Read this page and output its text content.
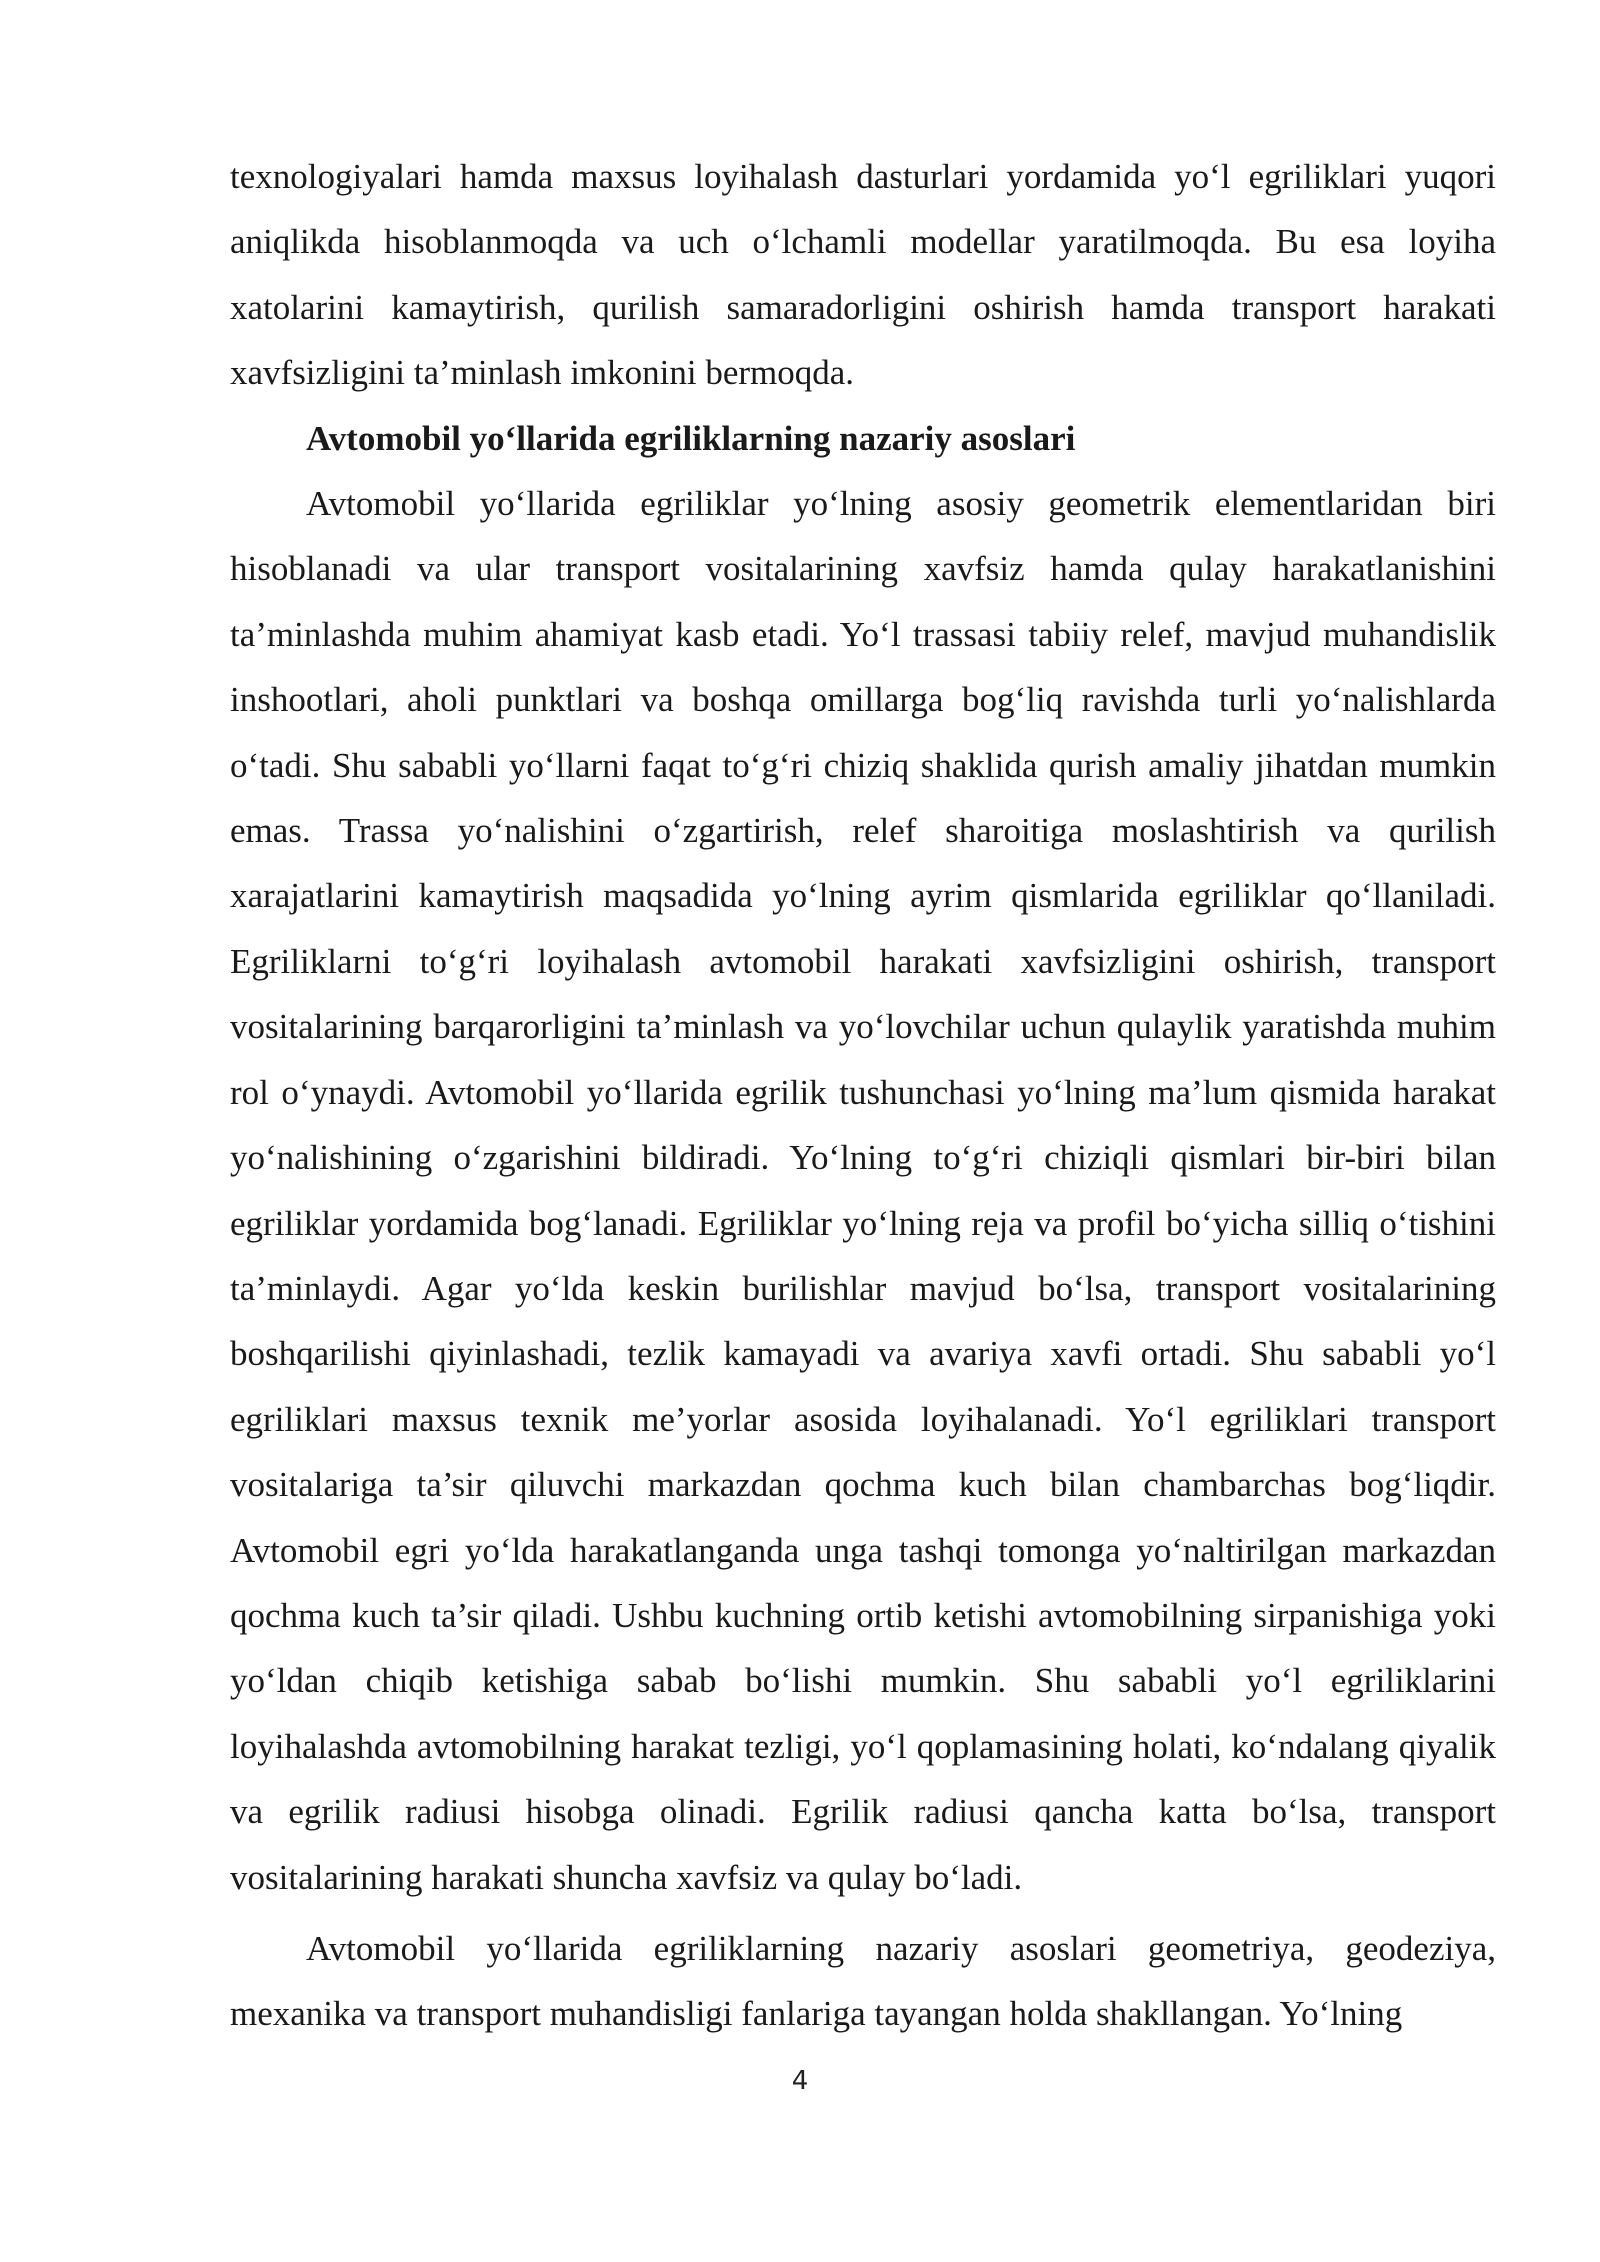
texnologiyalari hamda maxsus loyihalash dasturlari yordamida yo‘l egriliklari yuqori aniqlikda hisoblanmoqda va uch o‘lchamli modellar yaratilmoqda. Bu esa loyiha xatolarini kamaytirish, qurilish samaradorligini oshirish hamda transport harakati xavfsizligini ta’minlash imkonini bermoqda.

Avtomobil yo‘llarida egriliklarning nazariy asoslari

Avtomobil yo‘llarida egriliklar yo‘lning asosiy geometrik elementlaridan biri hisoblanadi va ular transport vositalarining xavfsiz hamda qulay harakatlanishini ta’minlashda muhim ahamiyat kasb etadi. Yo‘l trassasi tabiiy relef, mavjud muhandislik inshootlari, aholi punktlari va boshqa omillarga bog‘liq ravishda turli yo‘nalishlarda o‘tadi. Shu sababli yo‘llarni faqat to‘g‘ri chiziq shaklida qurish amaliy jihatdan mumkin emas. Trassa yo‘nalishini o‘zgartirish, relef sharoitiga moslashtirish va qurilish xarajatlarini kamaytirish maqsadida yo‘lning ayrim qismlarida egriliklar qo‘llaniladi. Egriliklarni to‘g‘ri loyihalash avtomobil harakati xavfsizligini oshirish, transport vositalarining barqarorligini ta’minlash va yo‘lovchilar uchun qulaylik yaratishda muhim rol o‘ynaydi. Avtomobil yo‘llarida egrilik tushunchasi yo‘lning ma’lum qismida harakat yo‘nalishining o‘zgarishini bildiradi. Yo‘lning to‘g‘ri chiziqli qismlari bir-biri bilan egriliklar yordamida bog‘lanadi. Egriliklar yo‘lning reja va profil bo‘yicha silliq o‘tishini ta’minlaydi. Agar yo‘lda keskin burilishlar mavjud bo‘lsa, transport vositalarining boshqarilishi qiyinlashadi, tezlik kamayadi va avariya xavfi ortadi. Shu sababli yo‘l egriliklari maxsus texnik me’yorlar asosida loyihalanadi. Yo‘l egriliklari transport vositalariga ta’sir qiluvchi markazdan qochma kuch bilan chambarchas bog‘liqdir. Avtomobil egri yo‘lda harakatlanganda unga tashqi tomonga yo‘naltirilgan markazdan qochma kuch ta’sir qiladi. Ushbu kuchning ortib ketishi avtomobilning sirpanishiga yoki yo‘ldan chiqib ketishiga sabab bo‘lishi mumkin. Shu sababli yo‘l egriliklarini loyihalashda avtomobilning harakat tezligi, yo‘l qoplamasining holati, ko‘ndalang qiyalik va egrilik radiusi hisobga olinadi. Egrilik radiusi qancha katta bo‘lsa, transport vositalarining harakati shuncha xavfsiz va qulay bo‘ladi.

Avtomobil yo‘llarida egriliklarning nazariy asoslari geometriya, geodeziya, mexanika va transport muhandisligi fanlariga tayangan holda shakllangan. Yo‘lning

4
